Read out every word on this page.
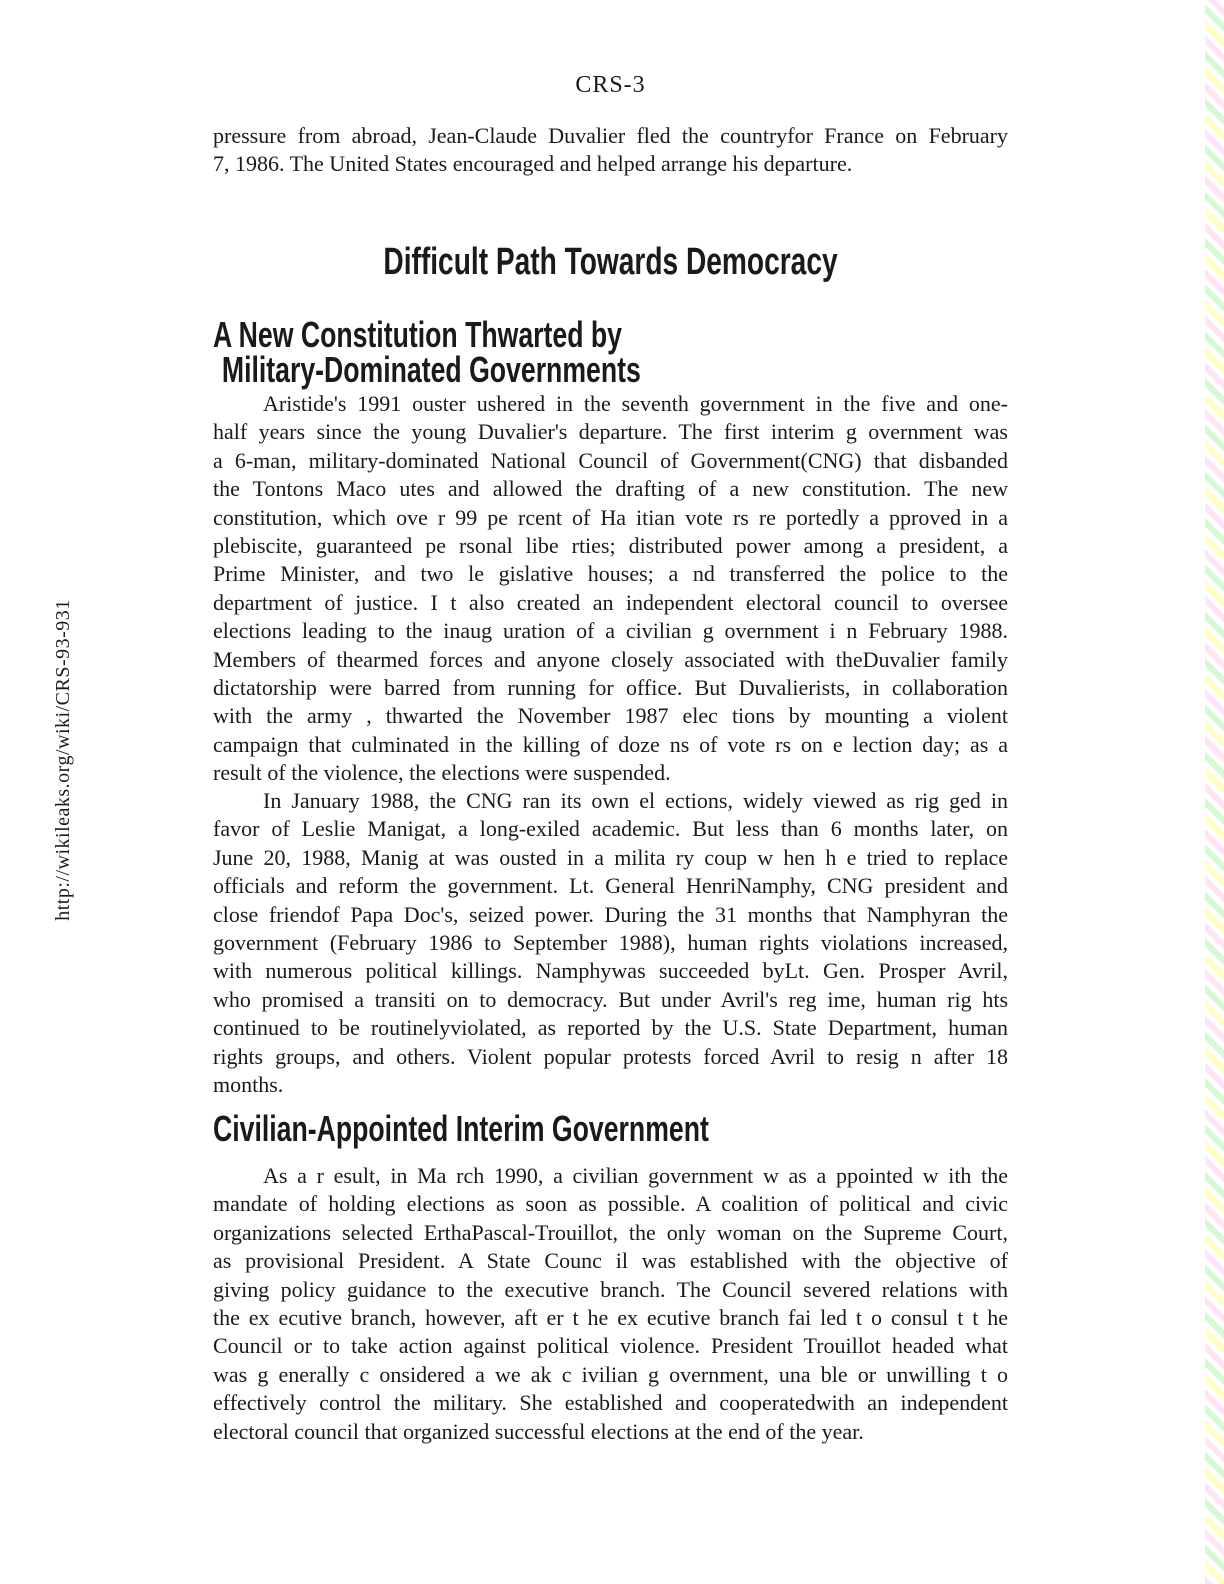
http://wikileaks.org/wiki/CRS-93-931
CRS-3
pressure from abroad, Jean-Claude Duvalier fled the countryfor France on February
7, 1986. The United States encouraged and helped arrange his departure.
Difficult Path Towards Democracy
A New Constitution Thwarted by
Military-Dominated Governments
Aristide's 1991 ouster ushered in the seventh government in the five and one-
half years since the young Duvalier's departure. The first interim g overnment was
a 6-man, military-dominated National Council of Government(CNG) that disbanded
the Tontons Maco utes and allowed the drafting of a new constitution. The new
constitution, which ove r 99 pe rcent of Ha itian vote rs re portedly a pproved in a
plebiscite, guaranteed pe rsonal libe rties; distributed power among a president, a
Prime Minister, and two le gislative houses; a nd transferred the police to the
department of justice. I t also created an independent electoral council to oversee
elections leading to the inaug uration of a civilian g overnment i n February 1988.
Members of thearmed forces and anyone closely associated with theDuvalier family
dictatorship were barred from running for office. But Duvalierists, in collaboration
with the army , thwarted the November 1987 elec tions by mounting a violent
campaign that culminated in the killing of doze ns of vote rs on e lection day; as a
result of the violence, the elections were suspended.
In January 1988, the CNG ran its own el ections, widely viewed as rig ged in
favor of Leslie Manigat, a long-exiled academic. But less than 6 months later, on
June 20, 1988, Manig at was ousted in a milita ry coup w hen h e tried to replace
officials and reform the government. Lt. General HenriNamphy, CNG president and
close friendof Papa Doc's, seized power. During the 31 months that Namphyran the
government (February 1986 to September 1988), human rights violations increased,
with numerous political killings. Namphywas succeeded byLt. Gen. Prosper Avril,
who promised a transiti on to democracy. But under Avril's reg ime, human rig hts
continued to be routinelyviolated, as reported by the U.S. State Department, human
rights groups, and others. Violent popular protests forced Avril to resig n after 18
months.
Civilian-Appointed Interim Government
As a r esult, in Ma rch 1990, a civilian government w as a ppointed w ith the
mandate of holding elections as soon as possible. A coalition of political and civic
organizations selected ErthaPascal-Trouillot, the only woman on the Supreme Court,
as provisional President. A State Counc il was established with the objective of
giving policy guidance to the executive branch. The Council severed relations with
the ex ecutive branch, however, aft er t he ex ecutive branch fai led t o consul t t he
Council or to take action against political violence. President Trouillot headed what
was g enerally c onsidered a we ak c ivilian g overnment, una ble or unwilling t o
effectively control the military. She established and cooperatedwith an independent
electoral council that organized successful elections at the end of the year.
